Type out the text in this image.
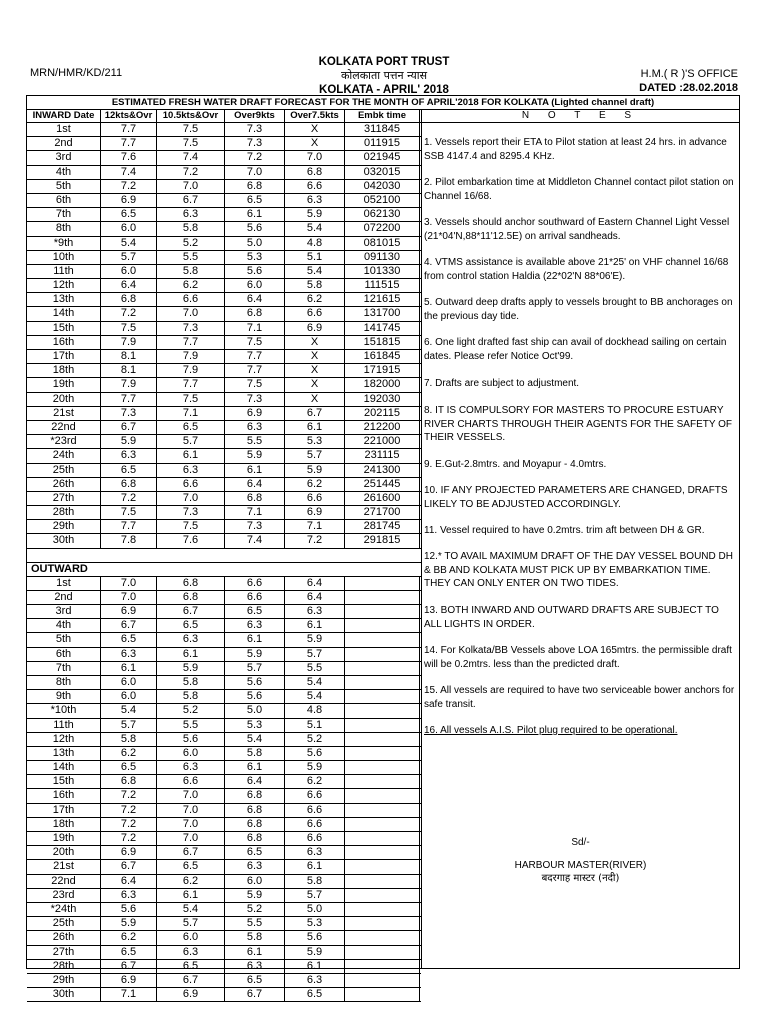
MRN/HMR/KD/211
KOLKATA PORT TRUST
कोलकाता पत्तन न्यास
KOLKATA - APRIL' 2018
H.M.( R )'S OFFICE
DATED :28.02.2018
ESTIMATED FRESH WATER DRAFT FORECAST FOR THE MONTH OF APRIL'2018 FOR KOLKATA (Lighted channel draft)
INWARD Date	12kts&Ovr	10.5kts&Ovr	Over9kts	Over7.5kts	Embk time
1st	7.7	7.5	7.3	X	311845
2nd	7.7	7.5	7.3	X	011915
3rd	7.6	7.4	7.2	7.0	021945
4th	7.4	7.2	7.0	6.8	032015
5th	7.2	7.0	6.8	6.6	042030
6th	6.9	6.7	6.5	6.3	052100
7th	6.5	6.3	6.1	5.9	062130
8th	6.0	5.8	5.6	5.4	072200
*9th	5.4	5.2	5.0	4.8	081015
10th	5.7	5.5	5.3	5.1	091130
11th	6.0	5.8	5.6	5.4	101330
12th	6.4	6.2	6.0	5.8	111515
13th	6.8	6.6	6.4	6.2	121615
14th	7.2	7.0	6.8	6.6	131700
15th	7.5	7.3	7.1	6.9	141745
16th	7.9	7.7	7.5	X	151815
17th	8.1	7.9	7.7	X	161845
18th	8.1	7.9	7.7	X	171915
19th	7.9	7.7	7.5	X	182000
20th	7.7	7.5	7.3	X	192030
21st	7.3	7.1	6.9	6.7	202115
22nd	6.7	6.5	6.3	6.1	212200
*23rd	5.9	5.7	5.5	5.3	221000
24th	6.3	6.1	5.9	5.7	231115
25th	6.5	6.3	6.1	5.9	241300
26th	6.8	6.6	6.4	6.2	251445
27th	7.2	7.0	6.8	6.6	261600
28th	7.5	7.3	7.1	6.9	271700
29th	7.7	7.5	7.3	7.1	281745
30th	7.8	7.6	7.4	7.2	291815
OUTWARD
1st	7.0	6.8	6.6	6.4
2nd	7.0	6.8	6.6	6.4
3rd	6.9	6.7	6.5	6.3
4th	6.7	6.5	6.3	6.1
5th	6.5	6.3	6.1	5.9
6th	6.3	6.1	5.9	5.7
7th	6.1	5.9	5.7	5.5
8th	6.0	5.8	5.6	5.4
9th	6.0	5.8	5.6	5.4
*10th	5.4	5.2	5.0	4.8
11th	5.7	5.5	5.3	5.1
12th	5.8	5.6	5.4	5.2
13th	6.2	6.0	5.8	5.6
14th	6.5	6.3	6.1	5.9
15th	6.8	6.6	6.4	6.2
16th	7.2	7.0	6.8	6.6
17th	7.2	7.0	6.8	6.6
18th	7.2	7.0	6.8	6.6
19th	7.2	7.0	6.8	6.6
20th	6.9	6.7	6.5	6.3
21st	6.7	6.5	6.3	6.1
22nd	6.4	6.2	6.0	5.8
23rd	6.3	6.1	5.9	5.7
*24th	5.6	5.4	5.2	5.0
25th	5.9	5.7	5.5	5.3
26th	6.2	6.0	5.8	5.6
27th	6.5	6.3	6.1	5.9
28th	6.7	6.5	6.3	6.1
29th	6.9	6.7	6.5	6.3
30th	7.1	6.9	6.7	6.5
N O T E S
1. Vessels report their ETA to Pilot station at least 24 hrs. in advance SSB 4147.4 and 8295.4 KHz.
2. Pilot embarkation time at Middleton Channel contact pilot station on Channel 16/68.
3. Vessels should anchor southward of Eastern Channel Light Vessel (21*04'N,88*11'12.5E) on arrival sandheads.
4. VTMS assistance is available above 21*25' on VHF channel 16/68 from control station Haldia (22*02'N 88*06'E).
5. Outward deep drafts apply to vessels brought to BB anchorages on the previous day tide.
6. One light drafted fast ship can avail of dockhead sailing on certain dates. Please refer Notice Oct'99.
7. Drafts are subject to adjustment.
8. IT IS COMPULSORY FOR MASTERS TO PROCURE ESTUARY RIVER CHARTS THROUGH THEIR AGENTS FOR THE SAFETY OF THEIR VESSELS.
9. E.Gut-2.8mtrs. and Moyapur - 4.0mtrs.
10. IF ANY PROJECTED PARAMETERS ARE CHANGED, DRAFTS LIKELY TO BE ADJUSTED ACCORDINGLY.
11. Vessel required to have 0.2mtrs. trim aft between DH & GR.
12.* TO AVAIL MAXIMUM DRAFT OF THE DAY VESSEL BOUND DH & BB AND KOLKATA MUST PICK UP BY EMBARKATION TIME. THEY CAN ONLY ENTER ON TWO TIDES.
13. BOTH INWARD AND OUTWARD DRAFTS ARE SUBJECT TO ALL LIGHTS IN ORDER.
14. For Kolkata/BB Vessels above LOA 165mtrs. the permissible draft will be 0.2mtrs. less than the predicted draft.
15. All vessels are required to have two serviceable bower anchors for safe transit.
16. All vessels A.I.S. Pilot plug required to be operational.
Sd/-
HARBOUR MASTER(RIVER)
बदरगाह मास्टर (नदी)
